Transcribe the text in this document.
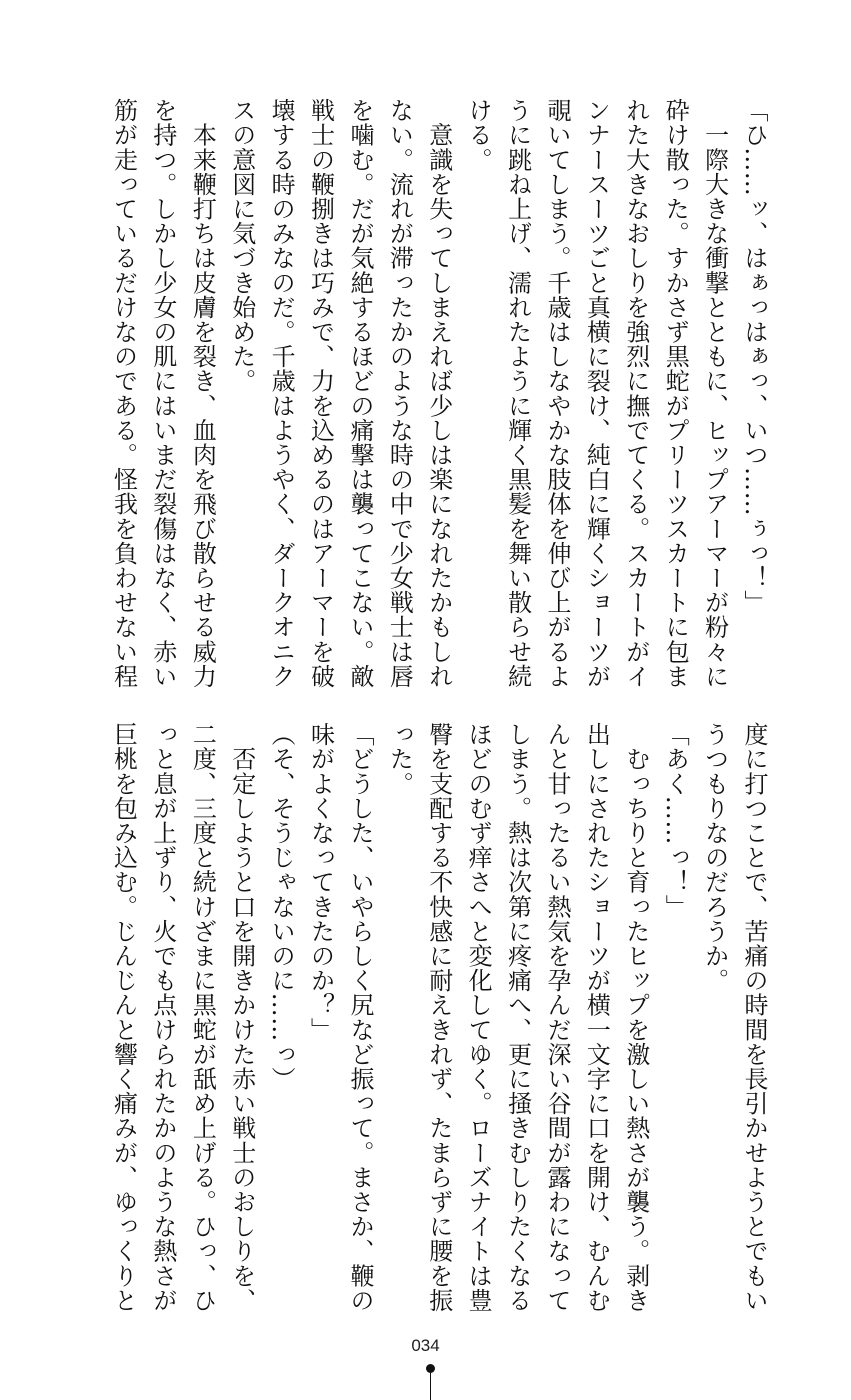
「ひ……ッ、はぁっはぁっ、いつ……ぅっ！」
　一際大きな衝撃とともに、ヒップアーマーが粉々に
砕け散った。すかさず黒蛇がプリーツスカートに包ま
れた大きなおしりを強烈に撫でてくる。スカートがイ
ンナースーツごと真横に裂け、純白に輝くショーツが
覗いてしまう。千歳はしなやかな肢体を伸び上がるよ
うに跳ね上げ、濡れたように輝く黒髪を舞い散らせ続
ける。
　意識を失ってしまえれば少しは楽になれたかもしれ
ない。流れが滞ったかのような時の中で少女戦士は唇
を噛む。だが気絶するほどの痛撃は襲ってこない。敵
戦士の鞭捌きは巧みで、力を込めるのはアーマーを破
壊する時のみなのだ。千歳はようやく、ダークオニク
スの意図に気づき始めた。
　本来鞭打ちは皮膚を裂き、血肉を飛び散らせる威力
を持つ。しかし少女の肌にはいまだ裂傷はなく、赤い
筋が走っているだけなのである。怪我を負わせない程
度に打つことで、苦痛の時間を長引かせようとでもい
うつもりなのだろうか。
「あく……っ！」
　むっちりと育ったヒップを激しい熱さが襲う。剥き
出しにされたショーツが横一文字に口を開け、むんむ
んと甘ったるい熱気を孕んだ深い谷間が露わになって
しまう。熱は次第に疼痛へ、更に掻きむしりたくなる
ほどのむず痒さへと変化してゆく。ローズナイトは豊
臀を支配する不快感に耐えきれず、たまらずに腰を振
った。
「どうした、いやらしく尻など振って。まさか、鞭の
味がよくなってきたのか？」
（そ、そうじゃないのに……っ）
　否定しようと口を開きかけた赤い戦士のおしりを、
二度、三度と続けざまに黒蛇が舐め上げる。ひっ、ひ
っと息が上ずり、火でも点けられたかのような熱さが
巨桃を包み込む。じんじんと響く痛みが、ゆっくりと
034
